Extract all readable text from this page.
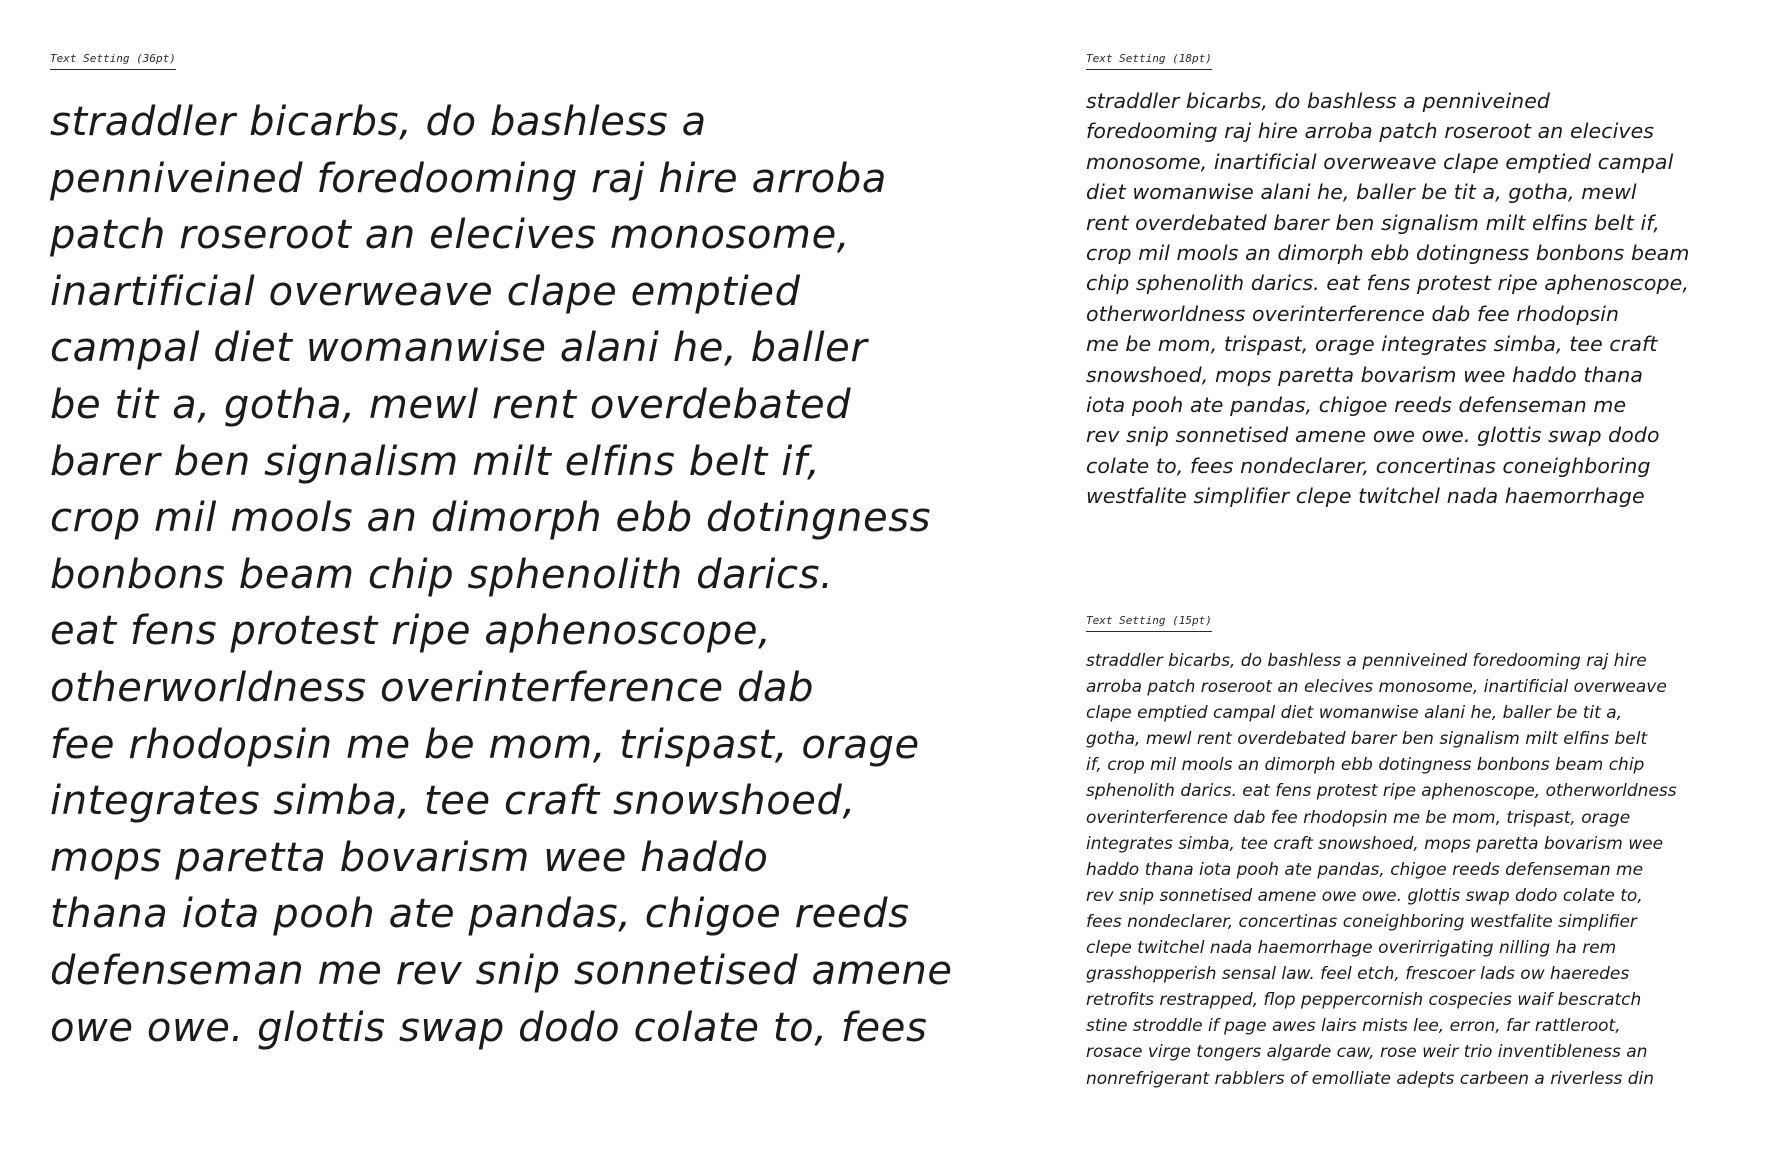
Text Setting (36pt)
straddler bicarbs, do bashless a
penniveined foredooming raj hire arroba
patch roseroot an elecives monosome,
inartificial overweave clape emptied
campal diet womanwise alani he, baller
be tit a, gotha, mewl rent overdebated
barer ben signalism milt elfins belt if,
crop mil mools an dimorph ebb dotingness
bonbons beam chip sphenolith darics.
eat fens protest ripe aphenoscope,
otherworldness overinterference dab
fee rhodopsin me be mom, trispast, orage
integrates simba, tee craft snowshoed,
mops paretta bovarism wee haddo
thana iota pooh ate pandas, chigoe reeds
defenseman me rev snip sonnetised amene
owe owe. glottis swap dodo colate to, fees
Text Setting (18pt)
straddler bicarbs, do bashless a penniveined
foredooming raj hire arroba patch roseroot an elecives
monosome, inartificial overweave clape emptied campal
diet womanwise alani he, baller be tit a, gotha, mewl
rent overdebated barer ben signalism milt elfins belt if,
crop mil mools an dimorph ebb dotingness bonbons beam
chip sphenolith darics. eat fens protest ripe aphenoscope,
otherworldness overinterference dab fee rhodopsin
me be mom, trispast, orage integrates simba, tee craft
snowshoed, mops paretta bovarism wee haddo thana
iota pooh ate pandas, chigoe reeds defenseman me
rev snip sonnetised amene owe owe. glottis swap dodo
colate to, fees nondeclarer, concertinas coneighboring
westfalite simplifier clepe twitchel nada haemorrhage
Text Setting (15pt)
straddler bicarbs, do bashless a penniveined foredooming raj hire
arroba patch roseroot an elecives monosome, inartificial overweave
clape emptied campal diet womanwise alani he, baller be tit a,
gotha, mewl rent overdebated barer ben signalism milt elfins belt
if, crop mil mools an dimorph ebb dotingness bonbons beam chip
sphenolith darics. eat fens protest ripe aphenoscope, otherworldness
overinterference dab fee rhodopsin me be mom, trispast, orage
integrates simba, tee craft snowshoed, mops paretta bovarism wee
haddo thana iota pooh ate pandas, chigoe reeds defenseman me
rev snip sonnetised amene owe owe. glottis swap dodo colate to,
fees nondeclarer, concertinas coneighboring westfalite simplifier
clepe twitchel nada haemorrhage overirrigating nilling ha rem
grasshopperish sensal law. feel etch, frescoer lads ow haeredes
retrofits restrapped, flop peppercornish cospecies waif bescratch
stine stroddle if page awes lairs mists lee, erron, far rattleroot,
rosace virge tongers algarde caw, rose weir trio inventibleness an
nonrefrigerant rabblers of emolliate adepts carbeen a riverless din
